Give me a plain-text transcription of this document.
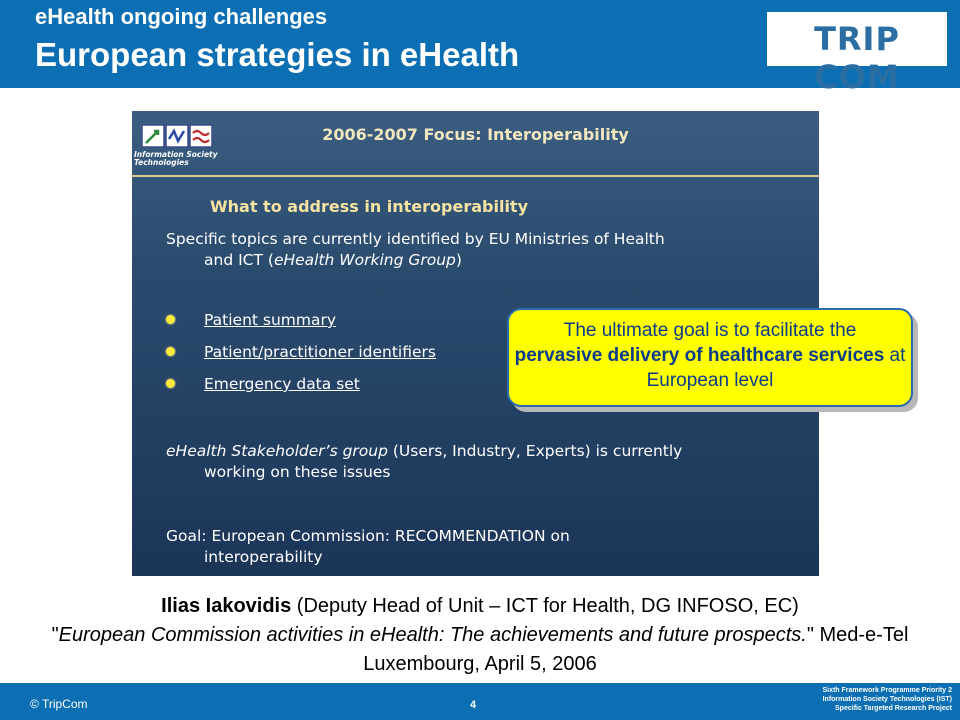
eHealth ongoing challenges
European strategies in eHealth	TRIP COM
Information Society Technologies
2006-2007 Focus: Interoperability
What to address in interoperability
Specific topics are currently identified by EU Ministries of Health
and ICT (eHealth Working Group)
Patient summary
Patient/practitioner identifiers
Emergency data set
eHealth Stakeholder’s group (Users, Industry, Experts) is currently
working on these issues
Goal: European Commission: RECOMMENDATION on
interoperability

The ultimate goal is to facilitate the
pervasive delivery of healthcare services at European level

Ilias Iakovidis (Deputy Head of Unit – ICT for Health, DG INFOSO, EC)
"European Commission activities in eHealth: The achievements and future prospects." Med-e-Tel Luxembourg, April 5, 2006
© TripCom	4
Sixth Framework Programme Priority 2
Information Society Technologies (IST)
Specific Targeted Research Project
